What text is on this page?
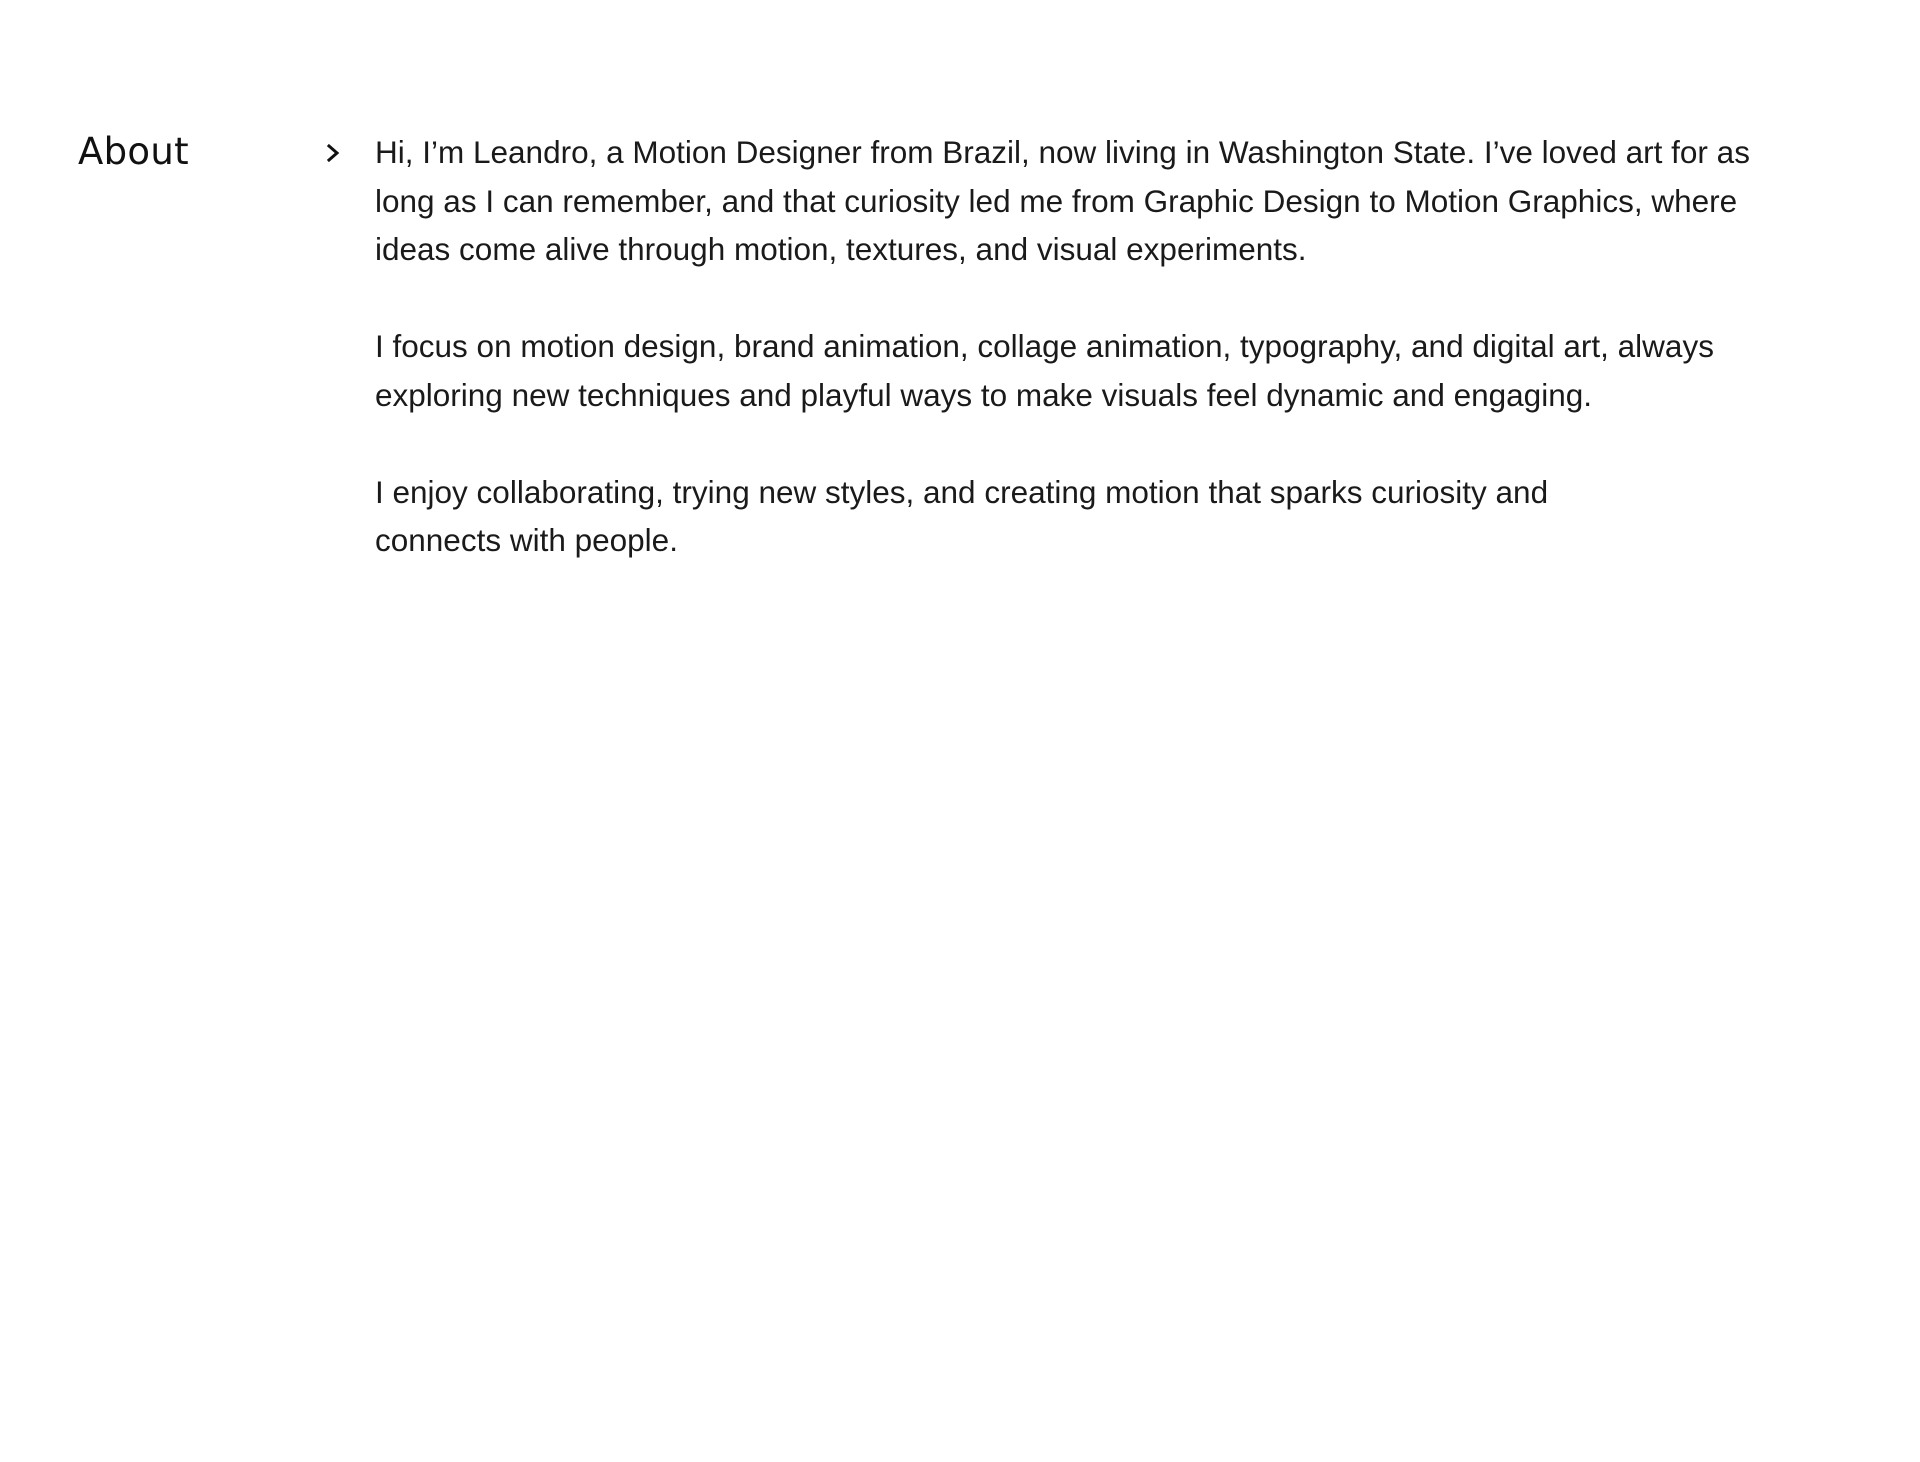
About	Hi, I’m Leandro, a Motion Designer from Brazil, now living in Washington State. I’ve loved art for as long as I can remember, and that curiosity led me from Graphic Design to Motion Graphics, where ideas come alive through motion, textures, and visual experiments.

I focus on motion design, brand animation, collage animation, typography, and digital art, always exploring new techniques and playful ways to make visuals feel dynamic and engaging.

I enjoy collaborating, trying new styles, and creating motion that sparks curiosity and connects with people.
